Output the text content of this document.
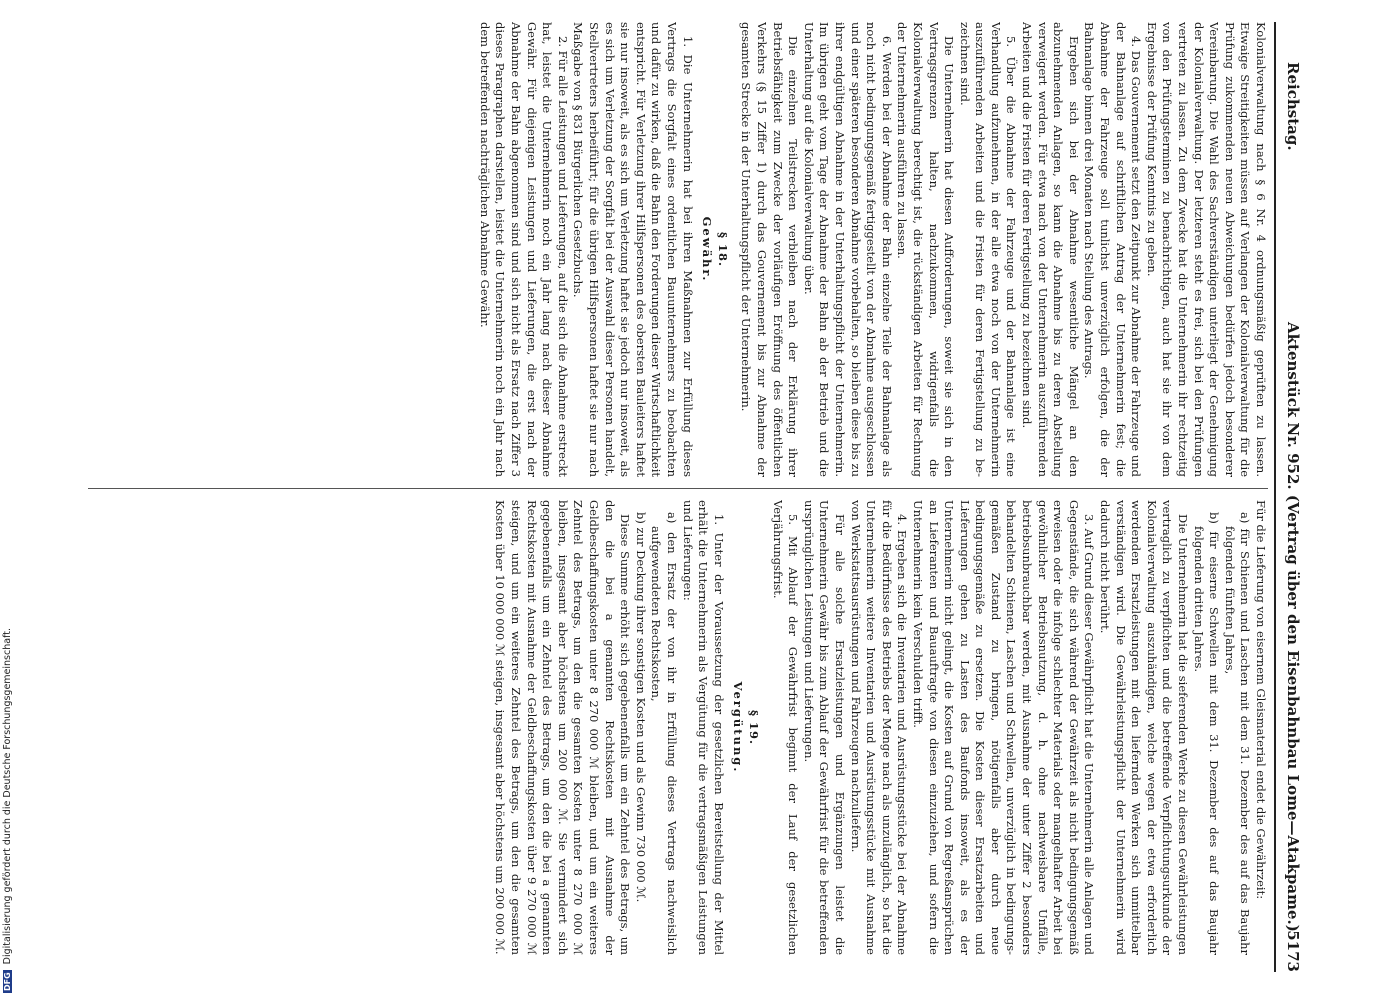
Reichstag.
Aktenstück Nr. 952. (Vertrag über den Eisenbahnbau Lome—Atakpame.)
5173

Kolonialverwaltung nach § 6 Nr. 4 ordnungsmäßig geprüften zu lassen. Etwaige Streitigkeiten müssen auf Verlangen der Kolonialverwaltung für die Prüfung zukommenden neuen Abweichungen bedürfen jedoch besonderer Vereinbarung. Die Wahl des Sachverständigen unterliegt der Genehmigung der Kolonialverwaltung. Der letzteren steht es frei, sich bei den Prüfungen vertreten zu lassen. Zu dem Zwecke hat die Unternehmerin ihr rechtzeitig von den Prüfungsterminen zu benachrichtigen, auch hat sie ihr von dem Ergebnisse der Prüfung Kenntnis zu geben.

4. Das Gouvernement setzt den Zeitpunkt zur Abnahme der Fahrzeuge und der Bahnanlage auf schriftlichen Antrag der Unternehmerin fest; die Abnahme der Fahrzeuge soll tunlichst unverzüglich erfolgen, die der Bahnanlage binnen drei Monaten nach Stellung des Antrags.

Ergeben sich bei der Abnahme wesentliche Mängel an den abzunehmenden Anlagen, so kann die Abnahme bis zu deren Abstellung verweigert werden. Für etwa nach von der Unternehmerin auszuführenden Arbeiten und die Fristen für deren Fertigstellung zu bezeichnen sind.

5. Über die Abnahme der Fahrzeuge und der Bahnanlage ist eine Verhandlung aufzunehmen, in der alle etwa noch von der Unternehmerin auszuführenden Arbeiten und die Fristen für deren Fertigstellung zu bezeichnen sind.

Die Unternehmerin hat diesen Aufforderungen, soweit sie sich in den Vertragsgrenzen halten, nachzukommen, widrigenfalls die Kolonialverwaltung berechtigt ist, die rückständigen Arbeiten für Rechnung der Unternehmerin ausführen zu lassen.

6. Werden bei der Abnahme der Bahn einzelne Teile der Bahnanlage als noch nicht bedingungsgemäß fertiggestellt von der Abnahme ausgeschlossen und einer späteren besonderen Abnahme vorbehalten, so bleiben diese bis zu ihrer endgültigen Abnahme in der Unterhaltungspflicht der Unternehmerin. Im übrigen geht vom Tage der Abnahme der Bahn ab der Betrieb und die Unterhaltung auf die Kolonialverwaltung über.

Die einzelnen Teilstrecken verbleiben nach der Erklärung ihrer Betriebsfähigkeit zum Zwecke der vorläufigen Eröffnung des öffentlichen Verkehrs (§ 15 Ziffer 1) durch das Gouvernement bis zur Abnahme der gesamten Strecke in der Unterhaltungspflicht der Unternehmerin.

§ 18.

Gewähr.

1. Die Unternehmerin hat bei ihren Maßnahmen zur Erfüllung dieses Vertrags die Sorgfalt eines ordentlichen Bauunternehmers zu beobachten und dafür zu wirken, daß die Bahn den Forderungen dieser Wirtschaftlichkeit entspricht. Für Verletzung ihrer Hilfspersonen des obersten Bauleiters haftet sie nur insoweit, als es sich um Verletzung haftet sie jedoch nur insoweit, als es sich um Verletzung der Sorgfalt bei der Auswahl dieser Personen handelt, Stellvertreters herbeiführt; für die übrigen Hilfspersonen haftet sie nur nach Maßgabe von § 831 Bürgerlichen Gesetzbuchs.

2. Für alle Leistungen und Lieferungen, auf die sich die Abnahme erstreckt hat, leistet die Unternehmerin noch ein Jahr lang nach dieser Abnahme Gewähr. Für diejenigen Leistungen und Lieferungen, die erst nach der Abnahme der Bahn abgenommen sind und sich nicht als Ersatz nach Ziffer 3 dieses Paragraphen darstellen, leistet die Unternehmerin noch ein Jahr nach dem betreffenden nachträglichen Abnahme Gewähr.

Für die Lieferung von eisernem Gleismaterial endet die Gewährzeit:

a) für Schienen und Laschen mit dem 31. Dezember des auf das Baujahr folgenden fünften Jahres,

b) für eiserne Schwellen mit dem 31. Dezember des auf das Baujahr folgenden dritten Jahres.

Die Unternehmerin hat die sieferenden Werke zu diesen Gewährleistungen vertraglich zu verpflichten und die betreffende Verpflichtungsurkunde der Kolonialverwaltung auszuhändigen, welche wegen der etwa erforderlich werdenden Ersatzleistungen mit den liefernden Werken sich unmittelbar verständigen wird. Die Gewährleistungspflicht der Unternehmerin wird dadurch nicht berührt.

3. Auf Grund dieser Gewährpflicht hat die Unternehmerin alle Anlagen und Gegenstände, die sich während der Gewährzeit als nicht bedingungsgemäß erweisen oder die infolge schlechter Materials oder mangelhafter Arbeit bei gewöhnlicher Betriebsnutzung, d. h. ohne nachweisbare Unfälle, betriebsunbrauchbar werden, mit Ausnahme der unter Ziffer 2 besonders behandelten Schienen, Laschen und Schwellen, unverzüglich in bedingungsgemäßen Zustand zu bringen, nötigenfalls aber durch neue bedingungsgemäße zu ersetzen. Die Kosten dieser Ersatzarbeiten und Lieferungen gehen zu Lasten des Baufonds insoweit, als es der Unternehmerin nicht gelingt, die Kosten auf Grund von Regreßansprüchen an Lieferanten und Bauauftragte von diesen einzuziehen, und sofern die Unternehmerin kein Verschulden trifft.

4. Ergeben sich die Inventarien und Ausrüstungsstücke bei der Abnahme für die Bedürfnisse des Betriebs der Menge nach als unzulänglich, so hat die Unternehmerin weitere Inventarien und Ausrüstungsstücke mit Ausnahme von Werkstattsausrüstungen und Fahrzeugen nachzuliefern.

Für alle solche Ersatzleistungen und Ergänzungen leistet die Unternehmerin Gewähr bis zum Ablauf der Gewährfrist für die betreffenden ursprünglichen Leistungen und Lieferungen.

5. Mit Ablauf der Gewährfrist beginnt der Lauf der gesetzlichen Verjährungsfrist.

§ 19.

Vergütung.

1. Unter der Voraussetzung der gesetzlichen Bereitstellung der Mittel erhält die Unternehmerin als Vergütung für die vertragsmäßigen Leistungen und Lieferungen:

a) den Ersatz der von ihr in Erfüllung dieses Vertrags nachweislich aufgewendeten Rechtskosten,

b) zur Deckung ihrer sonstigen Kosten und als Gewinn 730 000 ℳ.

Diese Summe erhöht sich gegebenenfalls um ein Zehntel des Betrags, um den die bei a genannten Rechtskosten mit Ausnahme der Geldbeschaffungskosten unter 8 270 000 ℳ bleiben, und um ein weiteres Zehntel des Betrags, um den die gesamten Kosten unter 8 270 000 ℳ bleiben, insgesamt aber höchstens um 200 000 ℳ. Sie vermindert sich gegebenenfalls um ein Zehntel des Betrags, um den die bei a genannten Rechtskosten mit Ausnahme der Geldbeschaffungskosten über 9 270 000 ℳ steigen, und um ein weiteres Zehntel des Betrags, um den die gesamten Kosten über 10 000 000 ℳ steigen, insgesamt aber höchstens um 200 000 ℳ.

DFGDigitalisierung gefördert durch die Deutsche Forschungsgemeinschaft.
